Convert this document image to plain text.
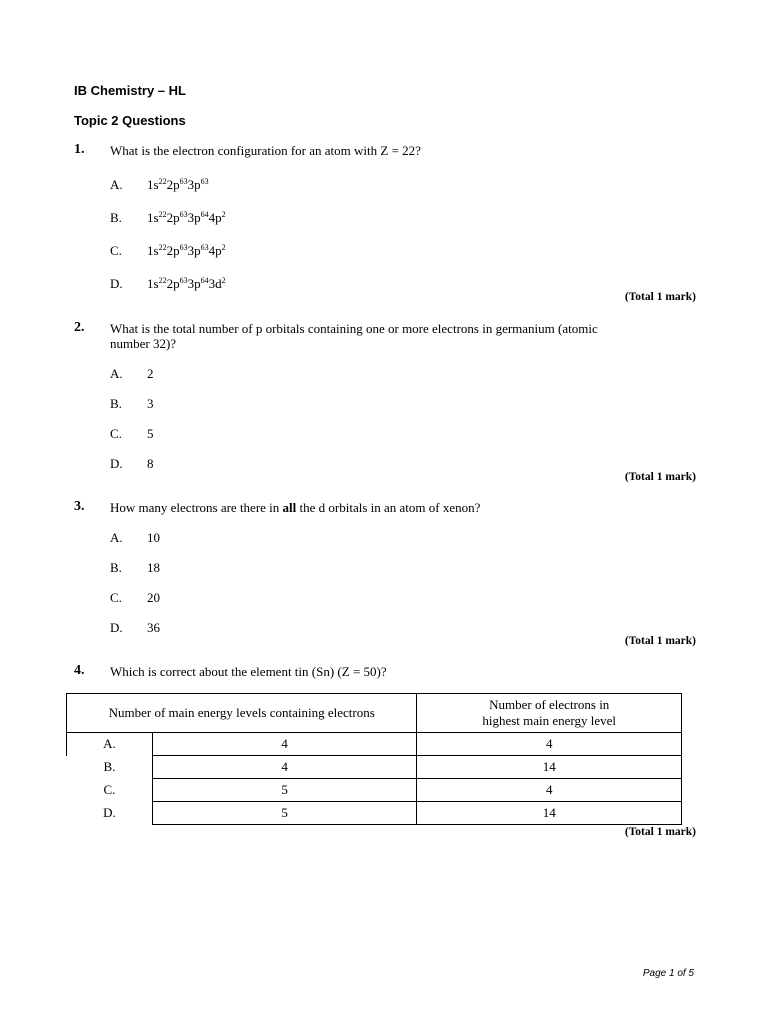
IB Chemistry – HL
Topic 2 Questions
1. What is the electron configuration for an atom with Z = 22?
A. $1s^{22}2p^{63}3p^{63}$
B. $1s^{22}2p^{63}3p^{64}4p^2$
C. $1s^{22}2p^{63}3p^{63}4p^2$
D. $1s^{22}2p^{63}3p^{64}3d^2$
(Total 1 mark)
2. What is the total number of p orbitals containing one or more electrons in germanium (atomic
number 32)?
A. 2
B. 3
C. 5
D. 8
(Total 1 mark)
3. How many electrons are there in all the d orbitals in an atom of xenon?
A. 10
B. 18
C. 20
D. 36
(Total 1 mark)
4. Which is correct about the element tin (Sn) (Z = 50)?
Number of main energy levels containing electrons		Number of electrons in
highest main energy level

A.	4	4
B.	4	14
C.	5	4
D.	5	14
(Total 1 mark)
Page 1 of 5
